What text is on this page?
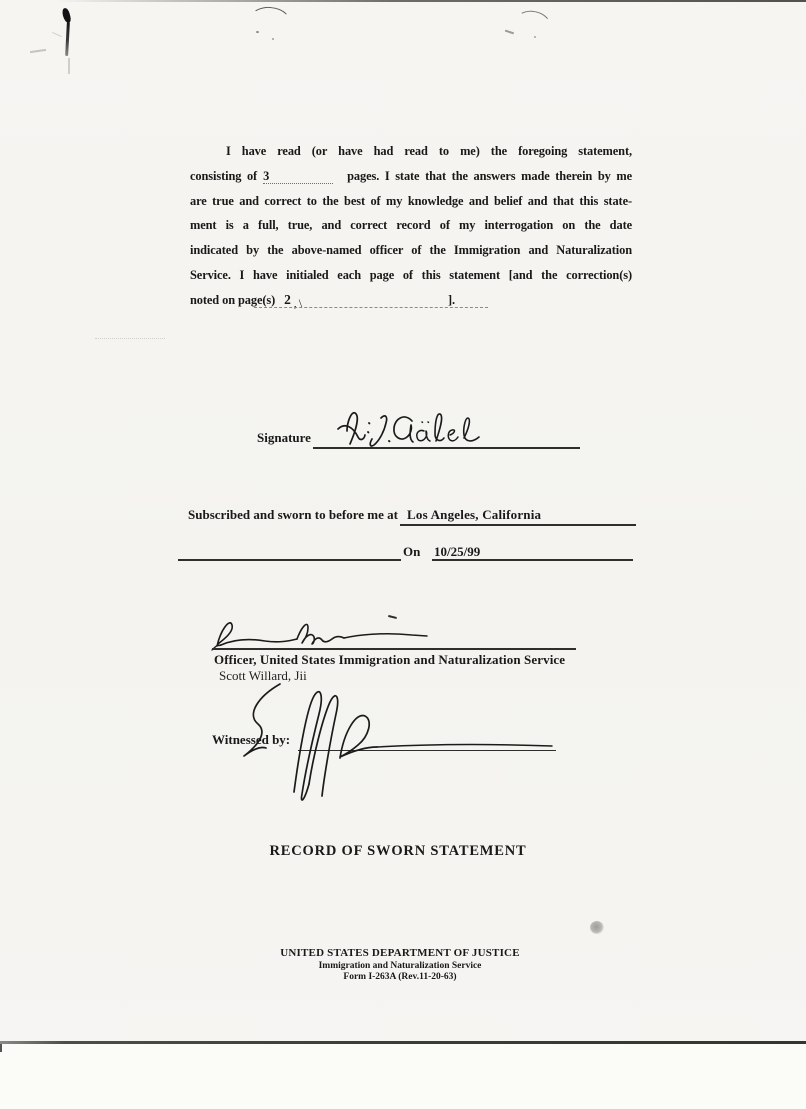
I have read (or have had read to me) the foregoing statement,
consisting of 3	pages. I state that the answers made therein by me
are true and correct to the best of my knowledge and belief and that this state-
ment is a full, true, and correct record of my interrogation on the date
indicated by the above-named officer of the Immigration and Naturalization
Service. I have initialed each page of this statement [and the correction(s)
noted on page(s) 2 ,\	].
Signature
Subscribed and sworn to before me at Los Angeles, California
On 10/25/99
Officer, United States Immigration and Naturalization Service
Scott Willard, Jii
Witnessed by:
RECORD OF SWORN STATEMENT
UNITED STATES DEPARTMENT OF JUSTICE
Immigration and Naturalization Service
Form I-263A (Rev.11-20-63)
